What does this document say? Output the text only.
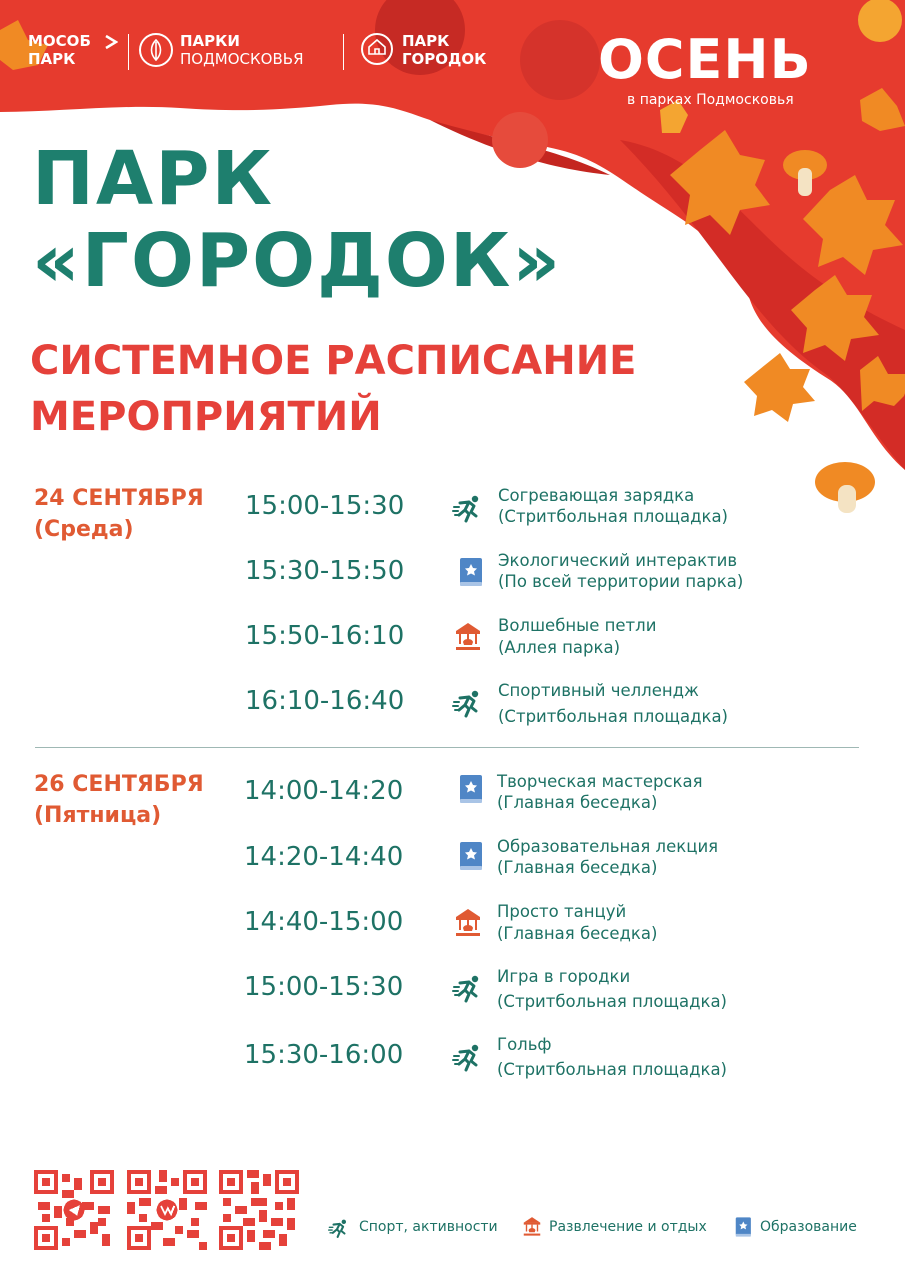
МОСОБ
ПАРК
ПАРКИ
ПОДМОСКОВЬЯ
ПАРК
ГОРОДОК ОСЕНЬ
в парках Подмосковья
ПАРК
«ГОРОДОК»
СИСТЕМНОЕ РАСПИСАНИЕ
МЕРОПРИЯТИЙ
24 СЕНТЯБРЯ
(Среда)
15:00-15:30	Согревающая зарядка
(Стритбольная площадка)
15:30-15:50	Экологический интерактив
(По всей территории парка)
15:50-16:10	Волшебные петли
(Аллея парка)
16:10-16:40	Спортивный челлендж
(Стритбольная площадка)
26 СЕНТЯБРЯ
(Пятница)
14:00-14:20	Творческая мастерская
(Главная беседка)
14:20-14:40	Образовательная лекция
(Главная беседка)
14:40-15:00	Просто танцуй
(Главная беседка)
15:00-15:30	Игра в городки
(Стритбольная площадка)
15:30-16:00	Гольф
(Стритбольная площадка)
Спорт, активности	Развлечение и отдых	Образование
